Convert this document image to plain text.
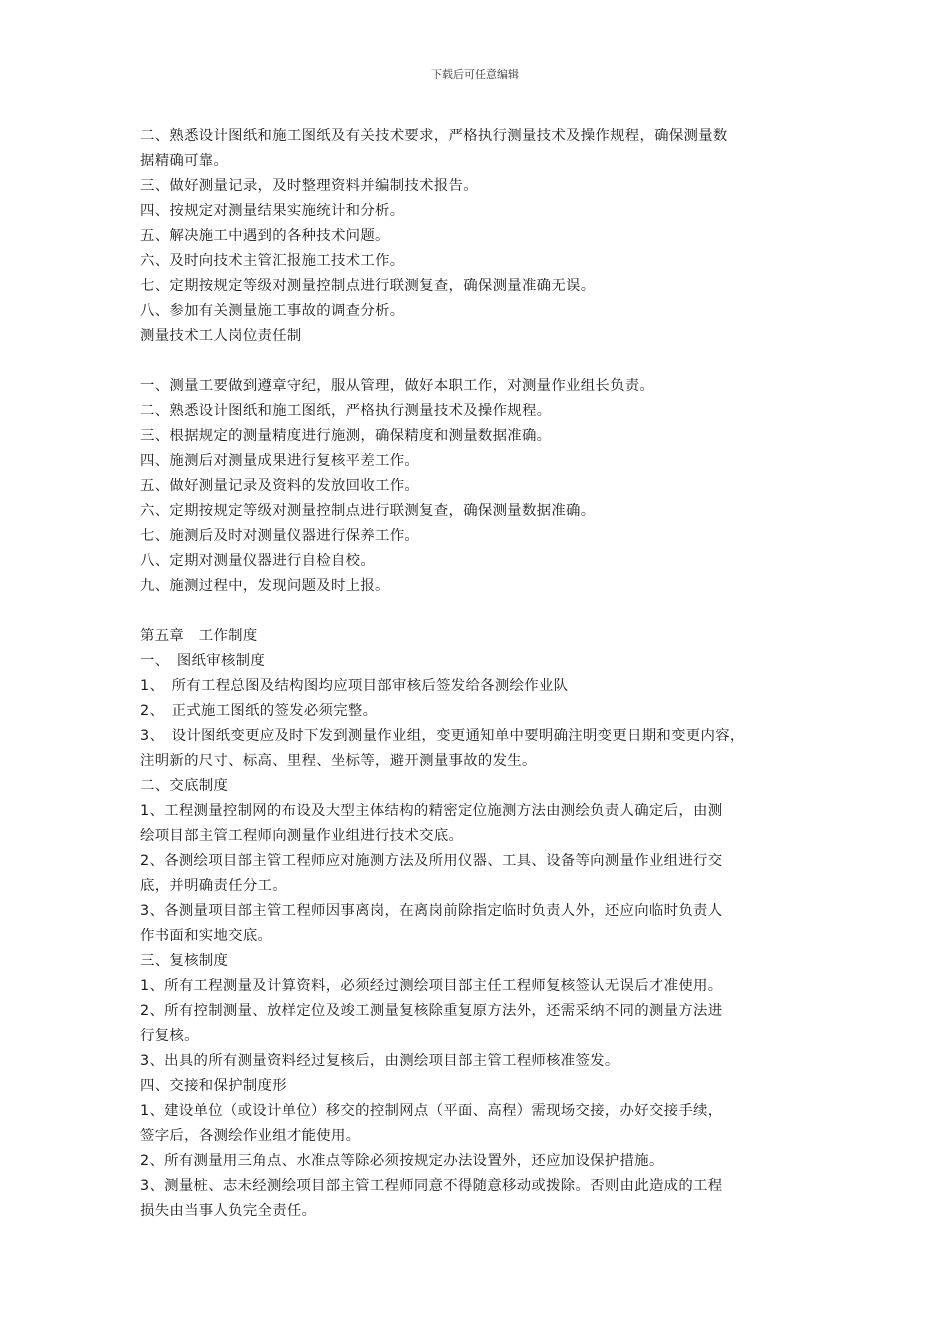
下载后可任意编辑
二、熟悉设计图纸和施工图纸及有关技术要求，严格执行测量技术及操作规程，确保测量数
据精确可靠。
三、做好测量记录，及时整理资料并编制技术报告。
四、按规定对测量结果实施统计和分析。
五、解决施工中遇到的各种技术问题。
六、及时向技术主管汇报施工技术工作。
七、定期按规定等级对测量控制点进行联测复查，确保测量准确无误。
八、参加有关测量施工事故的调查分析。
测量技术工人岗位责任制
一、测量工要做到遵章守纪，服从管理，做好本职工作，对测量作业组长负责。
二、熟悉设计图纸和施工图纸，严格执行测量技术及操作规程。
三、根据规定的测量精度进行施测，确保精度和测量数据准确。
四、施测后对测量成果进行复核平差工作。
五、做好测量记录及资料的发放回收工作。
六、定期按规定等级对测量控制点进行联测复查，确保测量数据准确。
七、施测后及时对测量仪器进行保养工作。
八、定期对测量仪器进行自检自校。
九、施测过程中，发现问题及时上报。
第五章　工作制度
一、　图纸审核制度
1、　所有工程总图及结构图均应项目部审核后签发给各测绘作业队
2、　正式施工图纸的签发必须完整。
3、　设计图纸变更应及时下发到测量作业组，变更通知单中要明确注明变更日期和变更内容，
注明新的尺寸、标高、里程、坐标等，避开测量事故的发生。
二、交底制度
1、工程测量控制网的布设及大型主体结构的精密定位施测方法由测绘负责人确定后，由测
绘项目部主管工程师向测量作业组进行技术交底。
2、各测绘项目部主管工程师应对施测方法及所用仪器、工具、设备等向测量作业组进行交
底，并明确责任分工。
3、各测量项目部主管工程师因事离岗，在离岗前除指定临时负责人外，还应向临时负责人
作书面和实地交底。
三、复核制度
1、所有工程测量及计算资料，必须经过测绘项目部主任工程师复核签认无误后才准使用。
2、所有控制测量、放样定位及竣工测量复核除重复原方法外，还需采纳不同的测量方法进
行复核。
3、出具的所有测量资料经过复核后，由测绘项目部主管工程师核准签发。
四、交接和保护制度形
1、建设单位（或设计单位）移交的控制网点（平面、高程）需现场交接，办好交接手续，
签字后，各测绘作业组才能使用。
2、所有测量用三角点、水准点等除必须按规定办法设置外，还应加设保护措施。
3、测量桩、志未经测绘项目部主管工程师同意不得随意移动或拨除。否则由此造成的工程
损失由当事人负完全责任。
